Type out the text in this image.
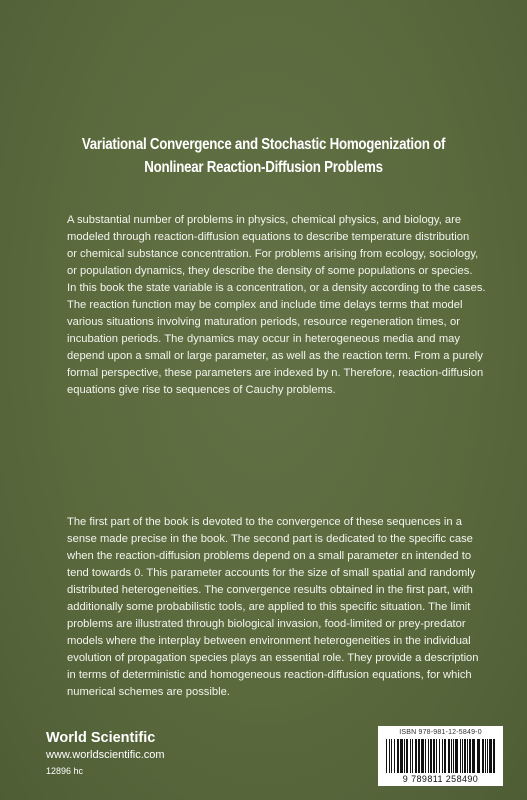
Variational Convergence and Stochastic Homogenization of
Nonlinear Reaction-Diffusion Problems
A substantial number of problems in physics, chemical physics, and biology, are
modeled through reaction-diffusion equations to describe temperature distribution
or chemical substance concentration. For problems arising from ecology, sociology,
or population dynamics, they describe the density of some populations or species.
In this book the state variable is a concentration, or a density according to the cases.
The reaction function may be complex and include time delays terms that model
various situations involving maturation periods, resource regeneration times, or
incubation periods. The dynamics may occur in heterogeneous media and may
depend upon a small or large parameter, as well as the reaction term. From a purely
formal perspective, these parameters are indexed by n. Therefore, reaction-diffusion
equations give rise to sequences of Cauchy problems.
The first part of the book is devoted to the convergence of these sequences in a
sense made precise in the book. The second part is dedicated to the specific case
when the reaction-diffusion problems depend on a small parameter εn intended to
tend towards 0. This parameter accounts for the size of small spatial and randomly
distributed heterogeneities. The convergence results obtained in the first part, with
additionally some probabilistic tools, are applied to this specific situation. The limit
problems are illustrated through biological invasion, food-limited or prey-predator
models where the interplay between environment heterogeneities in the individual
evolution of propagation species plays an essential role. They provide a description
in terms of deterministic and homogeneous reaction-diffusion equations, for which
numerical schemes are possible.
World Scientific
www.worldscientific.com
12896 hc
ISBN 978-981-12-5849-0
9 789811 258490
